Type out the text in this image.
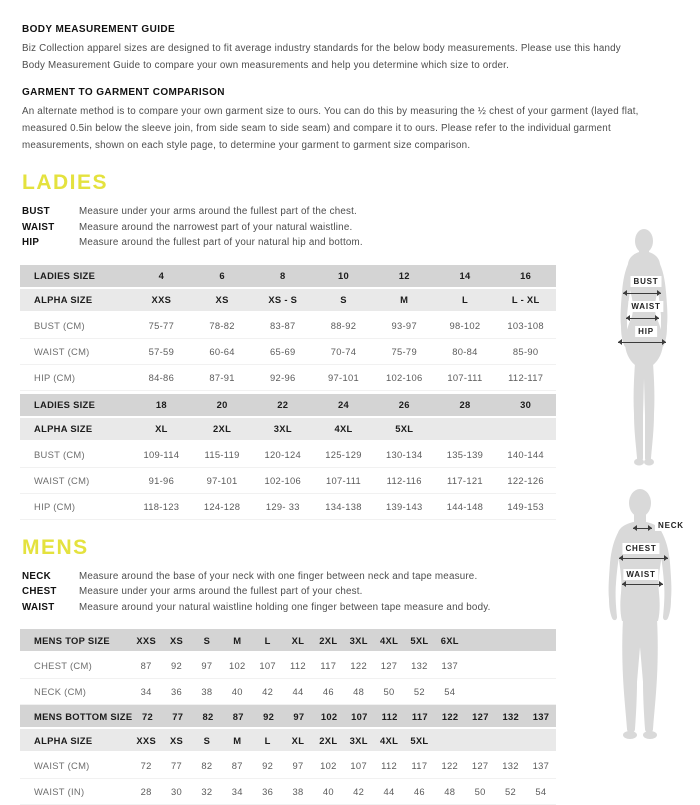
BODY MEASUREMENT GUIDE

Biz Collection apparel sizes are designed to fit average industry standards for the below body measurements. Please use this handy Body Measurement Guide to compare your own measurements and help you determine which size to order.

GARMENT TO GARMENT COMPARISON

An alternate method is to compare your own garment size to ours. You can do this by measuring the ½ chest of your garment (layed flat, measured 0.5in below the sleeve join, from side seam to side seam) and compare it to ours. Please refer to the individual garment measurements, shown on each style page, to determine your garment to garment size comparison.

LADIES
BUST	Measure under your arms around the fullest part of the chest.
WAIST	Measure around the narrowest part of your natural waistline.
HIP	Measure around the fullest part of your natural hip and bottom.
LADIES SIZE	4	6	8	10	12	14	16
ALPHA SIZE	XXS	XS	XS - S	S	M	L	L - XL
BUST (CM)	75-77	78-82	83-87	88-92	93-97	98-102	103-108
WAIST (CM)	57-59	60-64	65-69	70-74	75-79	80-84	85-90
HIP (CM)	84-86	87-91	92-96	97-101	102-106	107-111	112-117
LADIES SIZE	18	20	22	24	26	28	30
ALPHA SIZE	XL	2XL	3XL	4XL	5XL
BUST (CM)	109-114	115-119	120-124	125-129	130-134	135-139	140-144
WAIST (CM)	91-96	97-101	102-106	107-111	112-116	117-121	122-126
HIP (CM)	118-123	124-128	129- 33	134-138	139-143	144-148	149-153
MENS
NECK	Measure around the base of your neck with one finger between neck and tape measure.
CHEST	Measure under your arms around the fullest part of your chest.
WAIST	Measure around your natural waistline holding one finger between tape measure and body.
MENS TOP SIZE	XXS	XS	S	M	L	XL	2XL	3XL	4XL	5XL	6XL
CHEST (CM)	87	92	97	102	107	112	117	122	127	132	137
NECK (CM)	34	36	38	40	42	44	46	48	50	52	54
MENS BOTTOM SIZE	72	77	82	87	92	97	102	107	112	117	122	127	132	137
ALPHA SIZE	XXS	XS	S	M	L	XL	2XL	3XL	4XL	5XL
WAIST (CM)	72	77	82	87	92	97	102	107	112	117	122	127	132	137
WAIST (IN)	28	30	32	34	36	38	40	42	44	46	48	50	52	54
BUST
WAIST
HIP
NECK
CHEST
WAIST
